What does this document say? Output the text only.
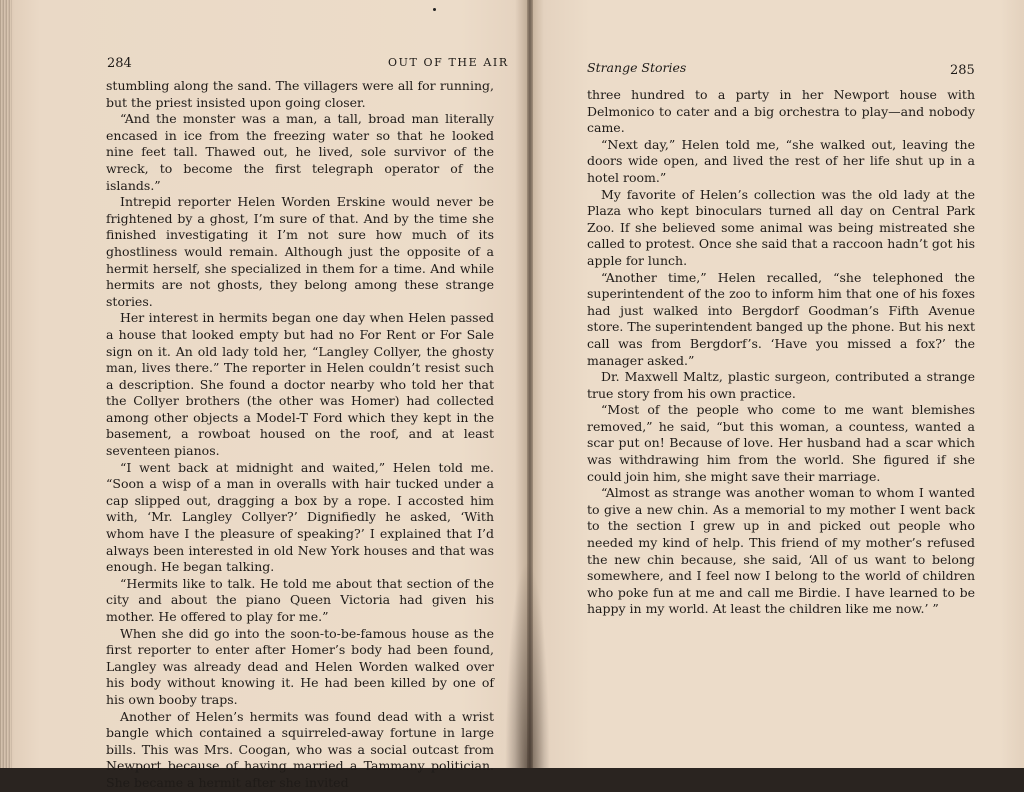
284	OUT OF THE AIR

stumbling along the sand. The villagers were all for running, but the priest insisted upon going closer.

“And the monster was a man, a tall, broad man literally encased in ice from the freezing water so that he looked nine feet tall. Thawed out, he lived, sole survivor of the wreck, to become the first telegraph operator of the islands.”

Intrepid reporter Helen Worden Erskine would never be frightened by a ghost, I’m sure of that. And by the time she finished investigating it I’m not sure how much of its ghostliness would remain. Although just the opposite of a hermit herself, she specialized in them for a time. And while hermits are not ghosts, they belong among these strange stories.

Her interest in hermits began one day when Helen passed a house that looked empty but had no For Rent or For Sale sign on it. An old lady told her, “Langley Collyer, the ghosty man, lives there.” The reporter in Helen couldn’t resist such a description. She found a doctor nearby who told her that the Collyer brothers (the other was Homer) had collected among other objects a Model-T Ford which they kept in the basement, a rowboat housed on the roof, and at least seventeen pianos.

“I went back at midnight and waited,” Helen told me. “Soon a wisp of a man in overalls with hair tucked under a cap slipped out, dragging a box by a rope. I accosted him with, ‘Mr. Langley Collyer?’ Dignifiedly he asked, ‘With whom have I the pleasure of speaking?’ I explained that I’d always been interested in old New York houses and that was enough. He began talking.

“Hermits like to talk. He told me about that section of the city and about the piano Queen Victoria had given his mother. He offered to play for me.”

When she did go into the soon-to-be-famous house as the first reporter to enter after Homer’s body had been found, Langley was already dead and Helen Worden walked over his body without knowing it. He had been killed by one of his own booby traps.

Another of Helen’s hermits was found dead with a wrist bangle which contained a squirreled-away fortune in large bills. This was Mrs. Coogan, who was a social outcast from Newport because of having married a Tammany politician. She became a hermit after she invited

Strange Stories	285

three hundred to a party in her Newport house with Delmonico to cater and a big orchestra to play—and nobody came.

“Next day,” Helen told me, “she walked out, leaving the doors wide open, and lived the rest of her life shut up in a hotel room.”

My favorite of Helen’s collection was the old lady at the Plaza who kept binoculars turned all day on Central Park Zoo. If she believed some animal was being mistreated she called to protest. Once she said that a raccoon hadn’t got his apple for lunch.

“Another time,” Helen recalled, “she telephoned the superintendent of the zoo to inform him that one of his foxes had just walked into Bergdorf Goodman’s Fifth Avenue store. The superintendent banged up the phone. But his next call was from Bergdorf’s. ‘Have you missed a fox?’ the manager asked.”

Dr. Maxwell Maltz, plastic surgeon, contributed a strange true story from his own practice.

“Most of the people who come to me want blemishes removed,” he said, “but this woman, a countess, wanted a scar put on! Because of love. Her husband had a scar which was withdrawing him from the world. She figured if she could join him, she might save their marriage.

“Almost as strange was another woman to whom I wanted to give a new chin. As a memorial to my mother I went back to the section I grew up in and picked out people who needed my kind of help. This friend of my mother’s refused the new chin because, she said, ‘All of us want to belong somewhere, and I feel now I belong to the world of children who poke fun at me and call me Birdie. I have learned to be happy in my world. At least the children like me now.’ ”
